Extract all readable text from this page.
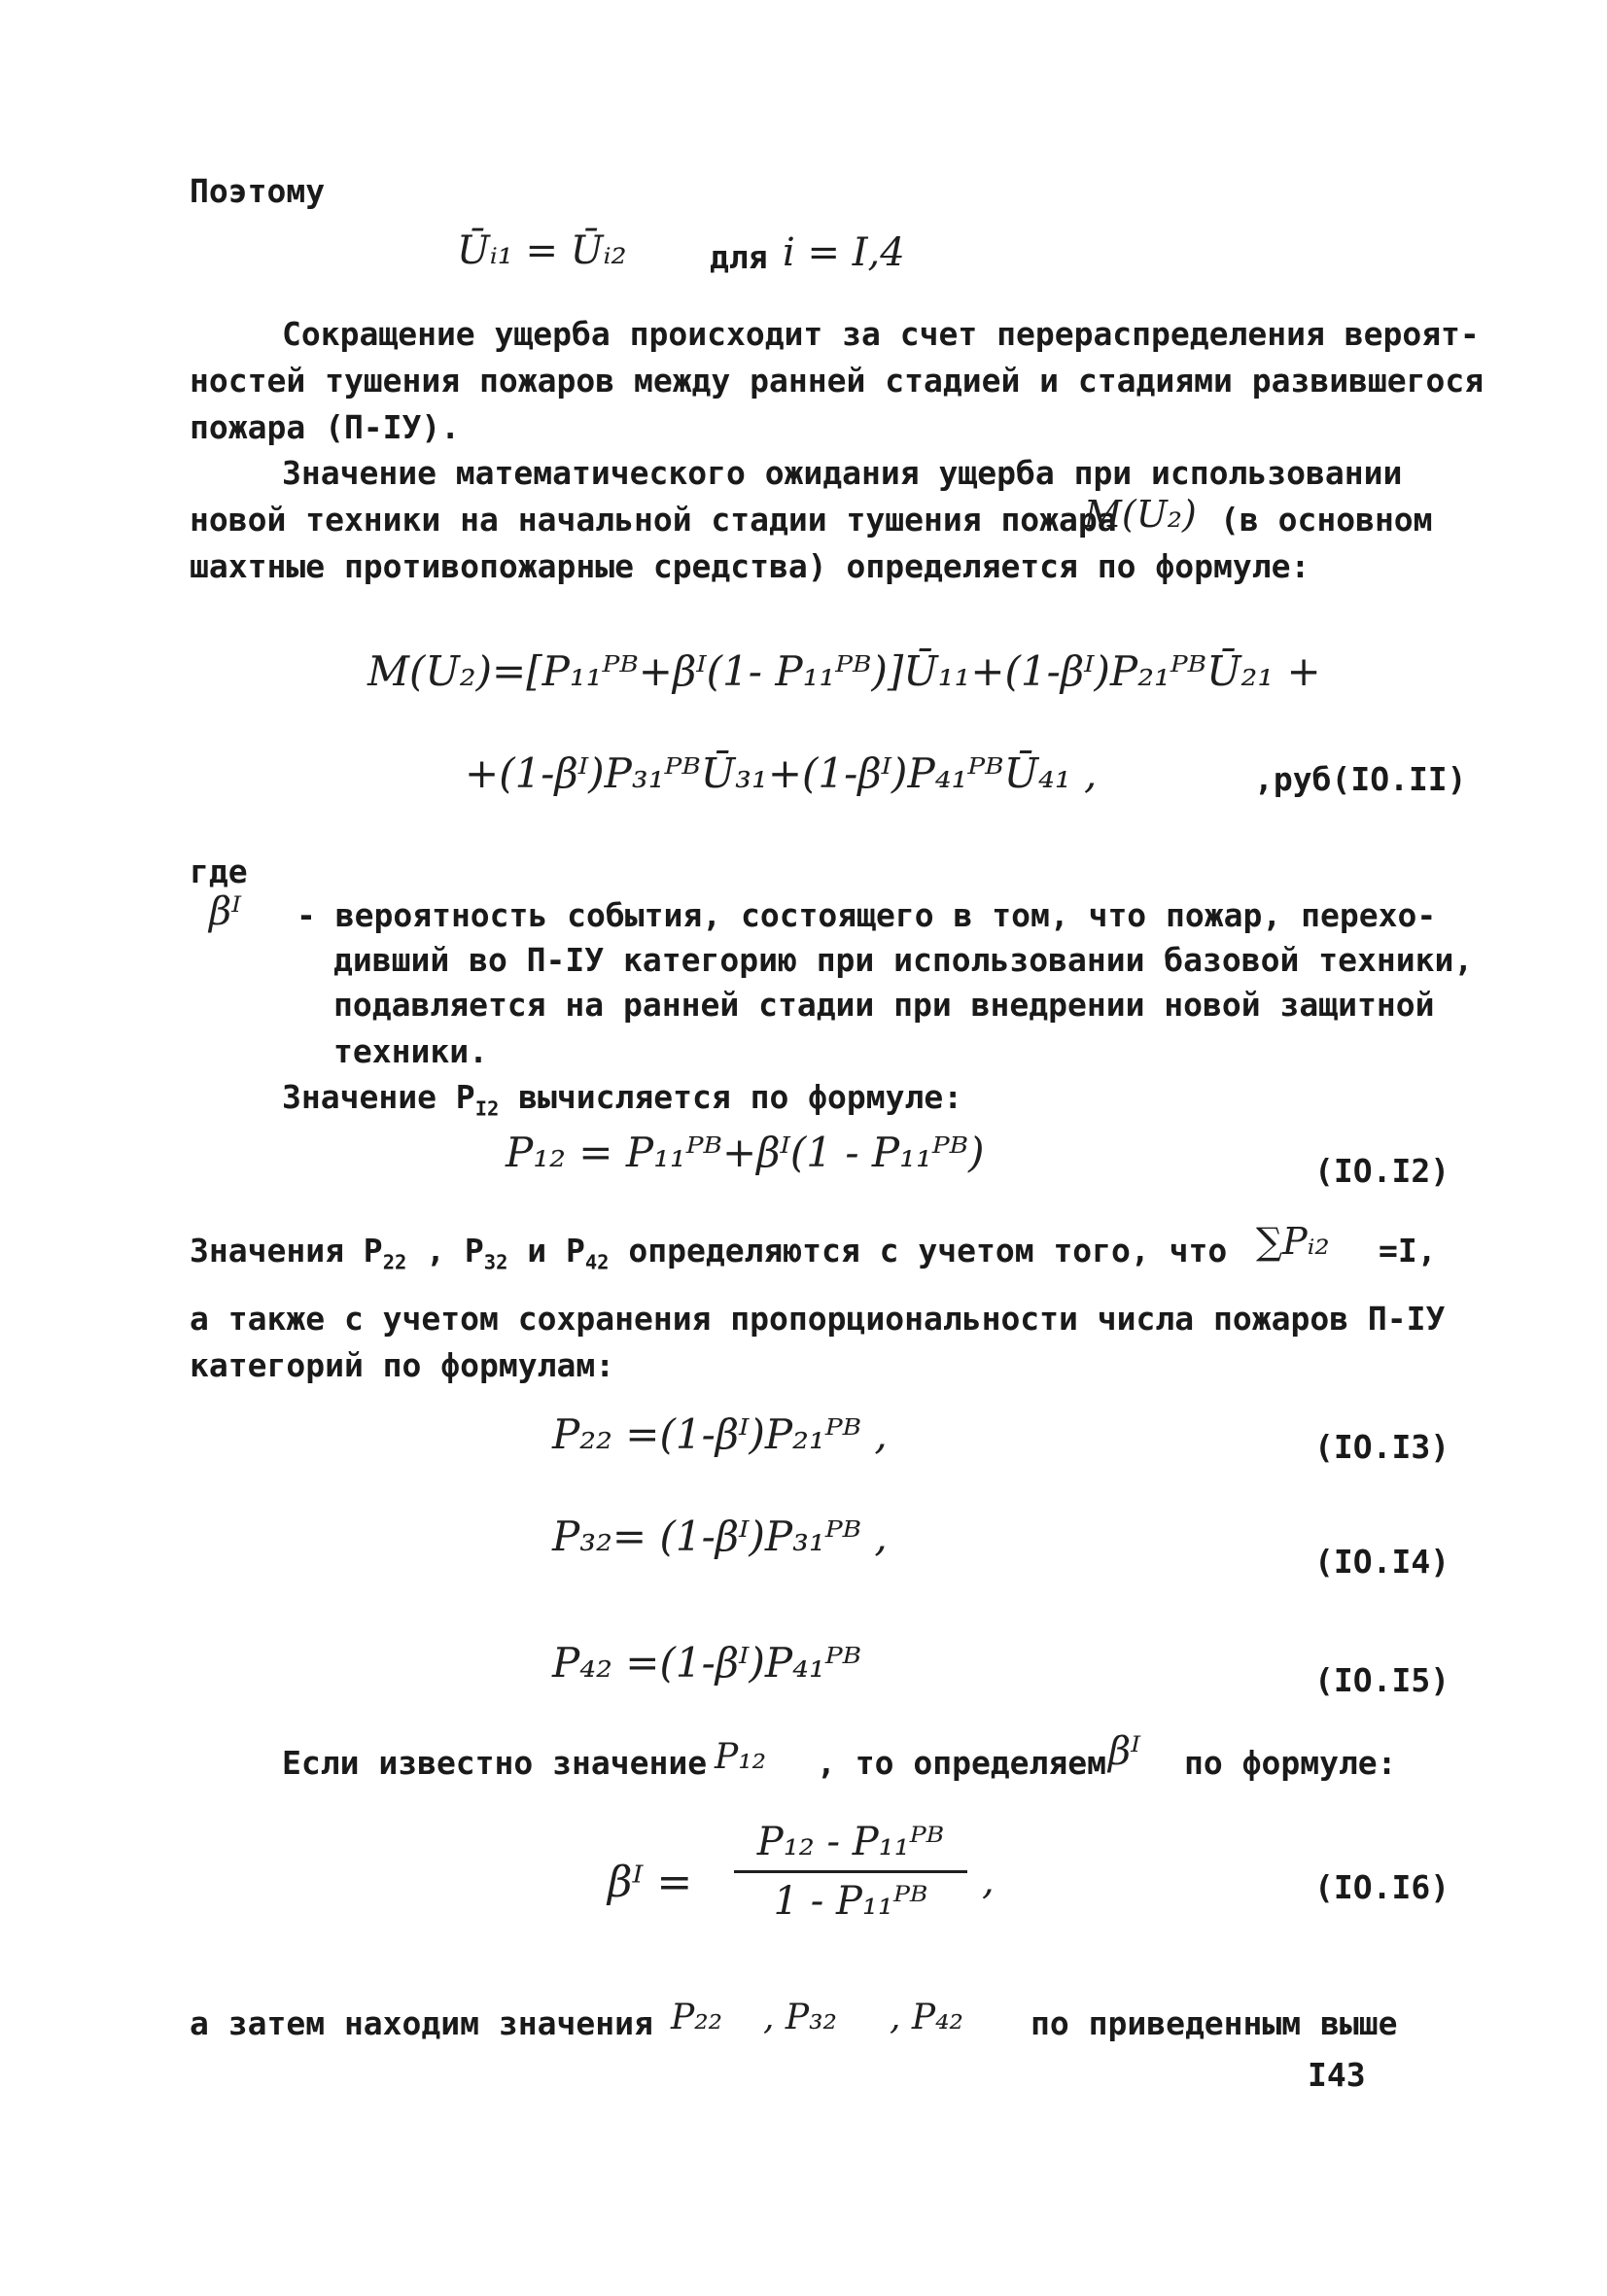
Поэтому
Ūᵢ₁ = Ūᵢ₂	для i = I,4
Сокращение ущерба происходит за счет перераспределения вероят-
ностей тушения пожаров между ранней стадией и стадиями развившегося
пожара (П-IУ).
Значение математического ожидания ущерба при использовании
новой техники на начальной стадии тушения пожара
M(U₂) (в основном
шахтные противопожарные средства) определяется по формуле:
M(U₂)=[P₁₁ᴾᴮ+βᴵ(1- P₁₁ᴾᴮ)]Ū₁₁+(1-βᴵ)P₂₁ᴾᴮŪ₂₁ +
+(1-βᴵ)P₃₁ᴾᴮŪ₃₁+(1-βᴵ)P₄₁ᴾᴮŪ₄₁ ,	,руб(IO.II)
где
βᴵ - вероятность события, состоящего в том, что пожар, перехо-
дивший во П-IУ категорию при использовании базовой техники,
подавляется на ранней стадии при внедрении новой защитной
техники.
Значение $P_{I2}$ вычисляется по формуле:
P₁₂ = P₁₁ᴾᴮ+βᴵ(1 - P₁₁ᴾᴮ)	(IO.I2)
Значения $P_{22}$ , $P_{32}$ и $P_{42}$ определяются с учетом того, что ∑Pᵢ₂ =I,
а также с учетом сохранения пропорциональности числа пожаров П-IУ
категорий по формулам:
P₂₂ =(1-βᴵ)P₂₁ᴾᴮ ,	(IO.I3)
P₃₂= (1-βᴵ)P₃₁ᴾᴮ ,
(IO.I4)
P₄₂ =(1-βᴵ)P₄₁ᴾᴮ	(IO.I5)
Если известно значение P₁₂ , то определяем βᴵ по формуле:
βᴵ =
P₁₂ - P₁₁ᴾᴮ
1 - P₁₁ᴾᴮ	,	(IO.I6)
а затем находим значения P₂₂ , P₃₂ , P₄₂ по приведенным выше
I43
